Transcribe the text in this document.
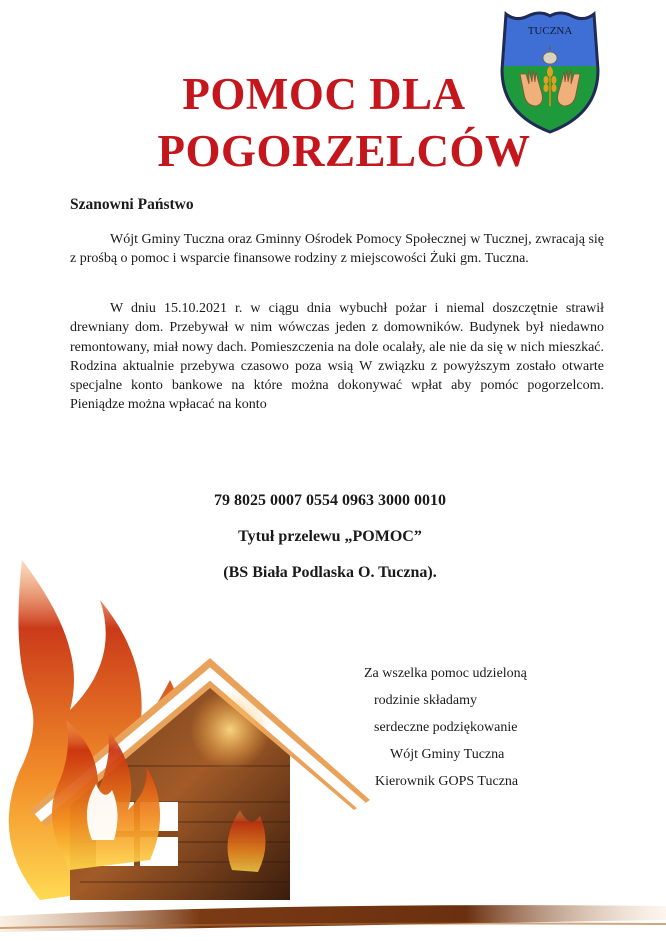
TUCZNA
POMOC DLA
POGORZELCÓW
Szanowni Państwo
Wójt Gminy Tuczna oraz Gminny Ośrodek Pomocy Społecznej w Tucznej, zwracają się z prośbą o pomoc i wsparcie finansowe rodziny z miejscowości Żuki gm. Tuczna.
W dniu 15.10.2021 r. w ciągu dnia wybuchł pożar i niemal doszczętnie strawił drewniany dom. Przebywał w nim wówczas jeden z domowników. Budynek był niedawno remontowany, miał nowy dach. Pomieszczenia na dole ocalały, ale nie da się w nich mieszkać. Rodzina aktualnie przebywa czasowo poza wsią W związku z powyższym zostało otwarte specjalne konto bankowe na które można dokonywać wpłat aby pomóc pogorzelcom. Pieniądze można wpłacać na konto
79 8025 0007 0554 0963 3000 0010
Tytuł przelewu „POMOC”
(BS Biała Podlaska O. Tuczna).
Za wszelka pomoc udzieloną
rodzinie składamy
serdeczne podziękowanie
Wójt Gminy Tuczna
Kierownik GOPS Tuczna
